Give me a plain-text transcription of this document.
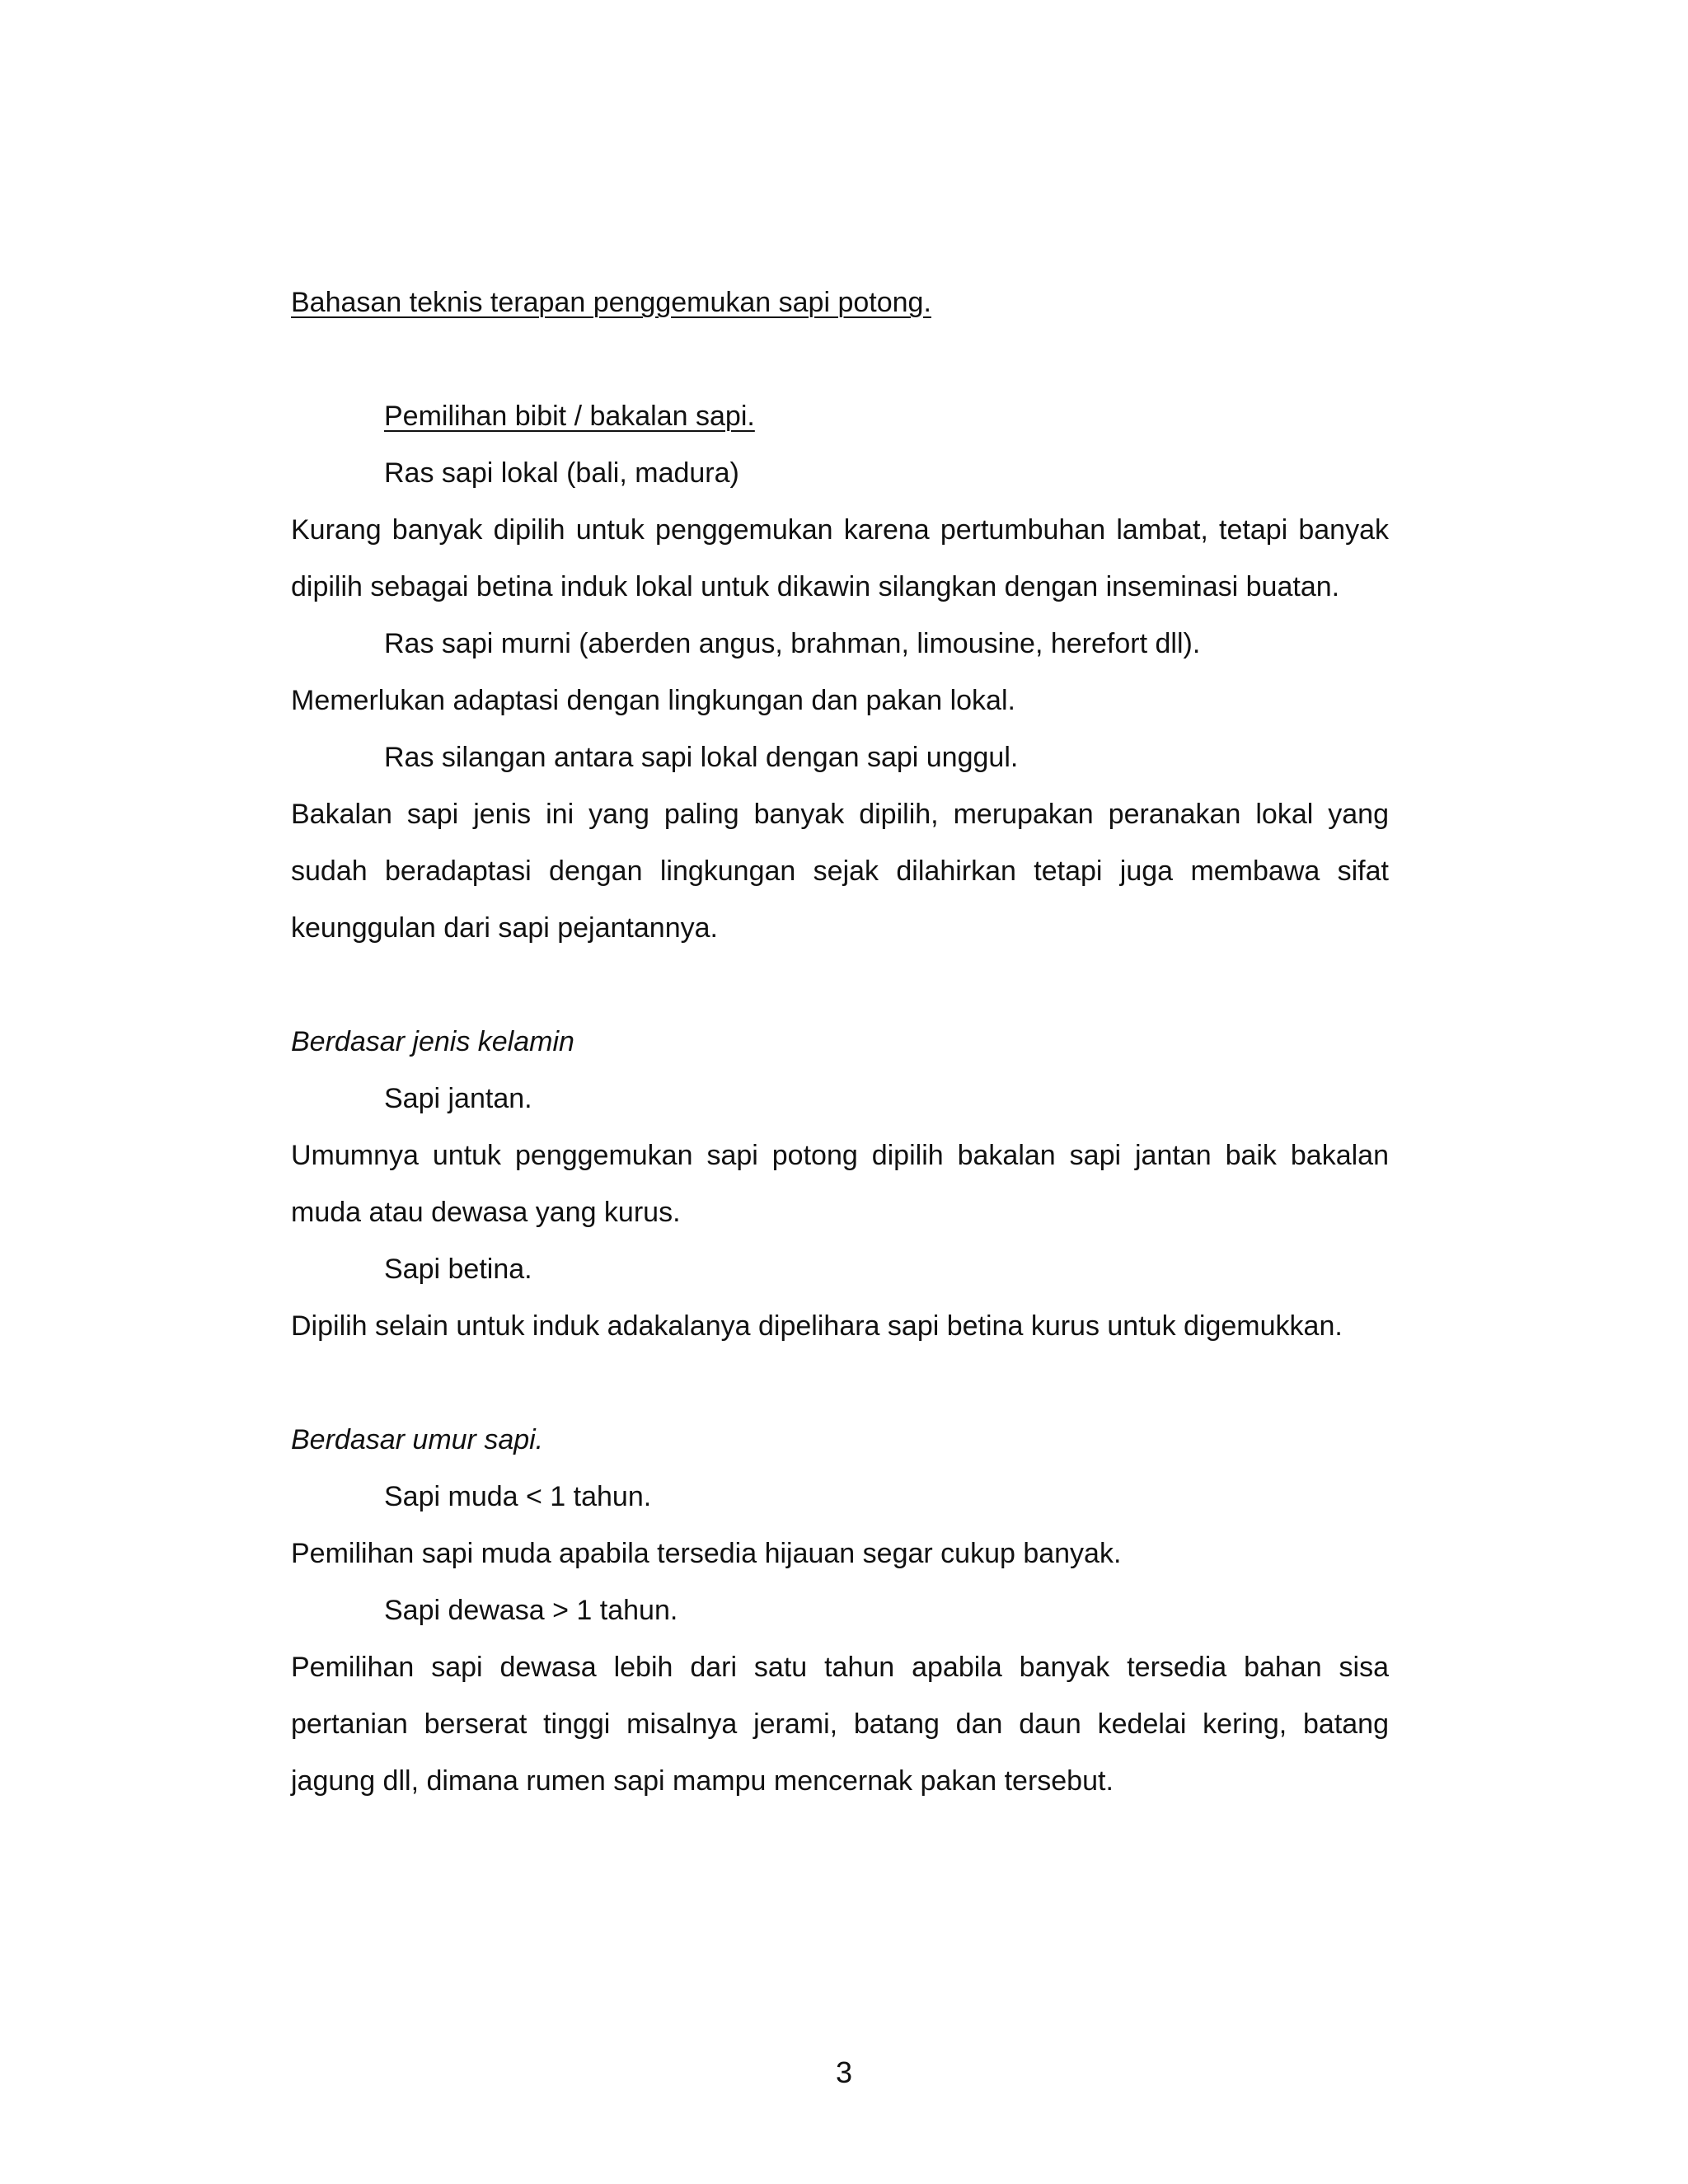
Bahasan teknis terapan penggemukan sapi potong.

Pemilihan bibit / bakalan sapi.

Ras sapi lokal (bali, madura)

Kurang banyak dipilih untuk penggemukan karena pertumbuhan lambat, tetapi banyak

dipilih sebagai betina induk lokal untuk dikawin silangkan dengan inseminasi buatan.

Ras sapi murni (aberden angus, brahman, limousine, herefort dll).

Memerlukan adaptasi dengan lingkungan dan pakan lokal.

Ras silangan antara sapi lokal dengan sapi unggul.

Bakalan sapi jenis ini yang paling banyak dipilih, merupakan peranakan lokal yang
sudah beradaptasi dengan lingkungan sejak dilahirkan tetapi juga membawa sifat

keunggulan dari sapi pejantannya.

Berdasar jenis kelamin

Sapi jantan.

Umumnya untuk penggemukan sapi potong dipilih bakalan sapi jantan baik bakalan

muda atau dewasa yang kurus.

Sapi betina.

Dipilih selain untuk induk adakalanya dipelihara sapi betina kurus untuk digemukkan.

Berdasar umur sapi.

Sapi muda < 1 tahun.

Pemilihan sapi muda apabila tersedia hijauan segar cukup banyak.

Sapi dewasa > 1 tahun.

Pemilihan sapi dewasa lebih dari satu tahun apabila banyak tersedia bahan sisa
pertanian berserat tinggi misalnya jerami, batang dan daun kedelai kering, batang

jagung dll, dimana rumen sapi mampu mencernak pakan tersebut.

3
